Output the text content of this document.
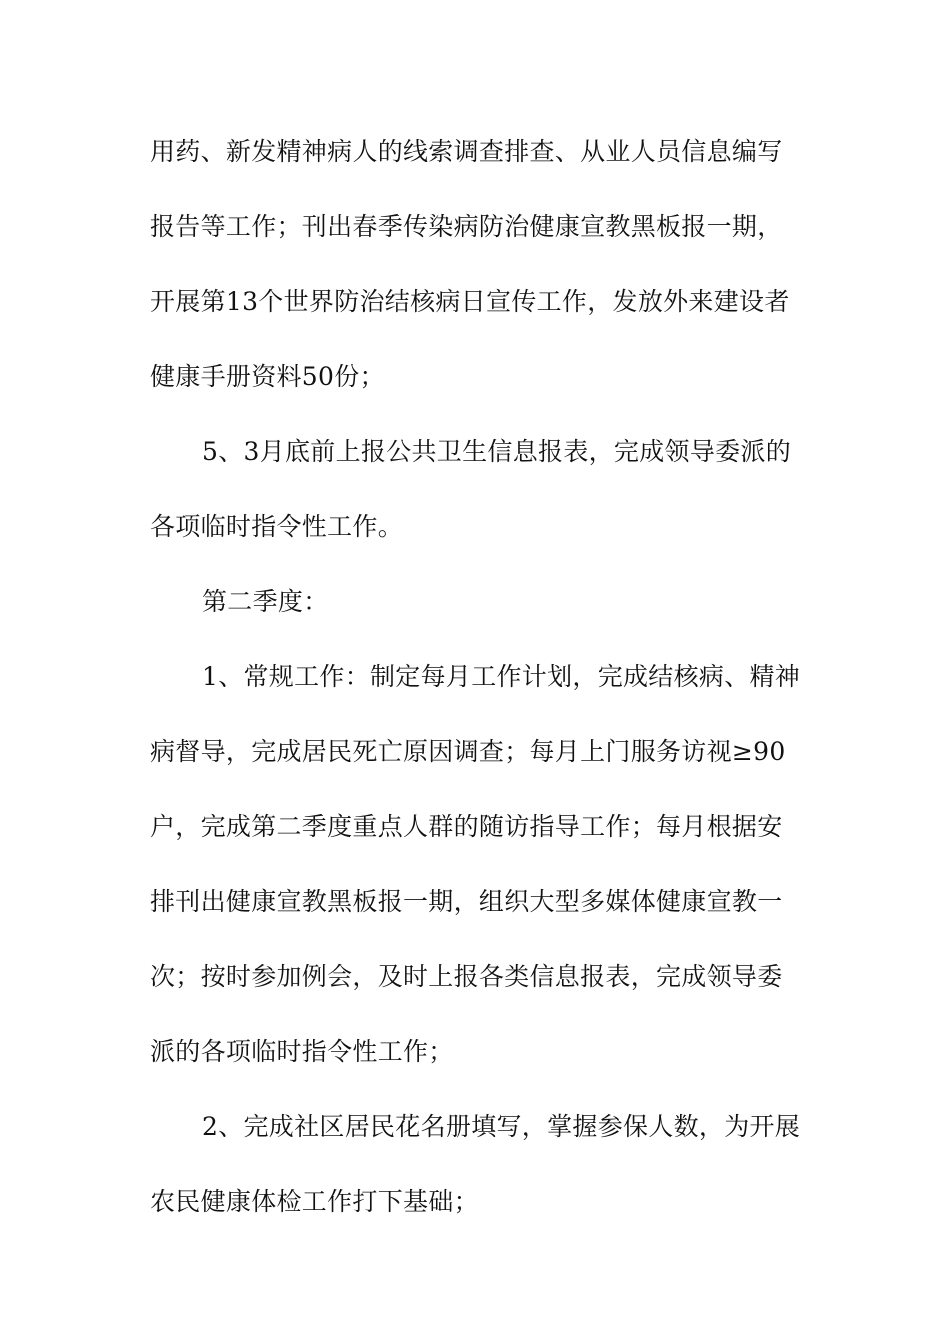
用药、新发精神病人的线索调查排查、从业人员信息编写
报告等工作；刊出春季传染病防治健康宣教黑板报一期，
开展第13个世界防治结核病日宣传工作，发放外来建设者
健康手册资料50份；
5、3月底前上报公共卫生信息报表，完成领导委派的
各项临时指令性工作。
第二季度：
1、常规工作：制定每月工作计划，完成结核病、精神
病督导，完成居民死亡原因调查；每月上门服务访视≥90
户，完成第二季度重点人群的随访指导工作；每月根据安
排刊出健康宣教黑板报一期，组织大型多媒体健康宣教一
次；按时参加例会，及时上报各类信息报表，完成领导委
派的各项临时指令性工作；
2、完成社区居民花名册填写，掌握参保人数，为开展
农民健康体检工作打下基础；
